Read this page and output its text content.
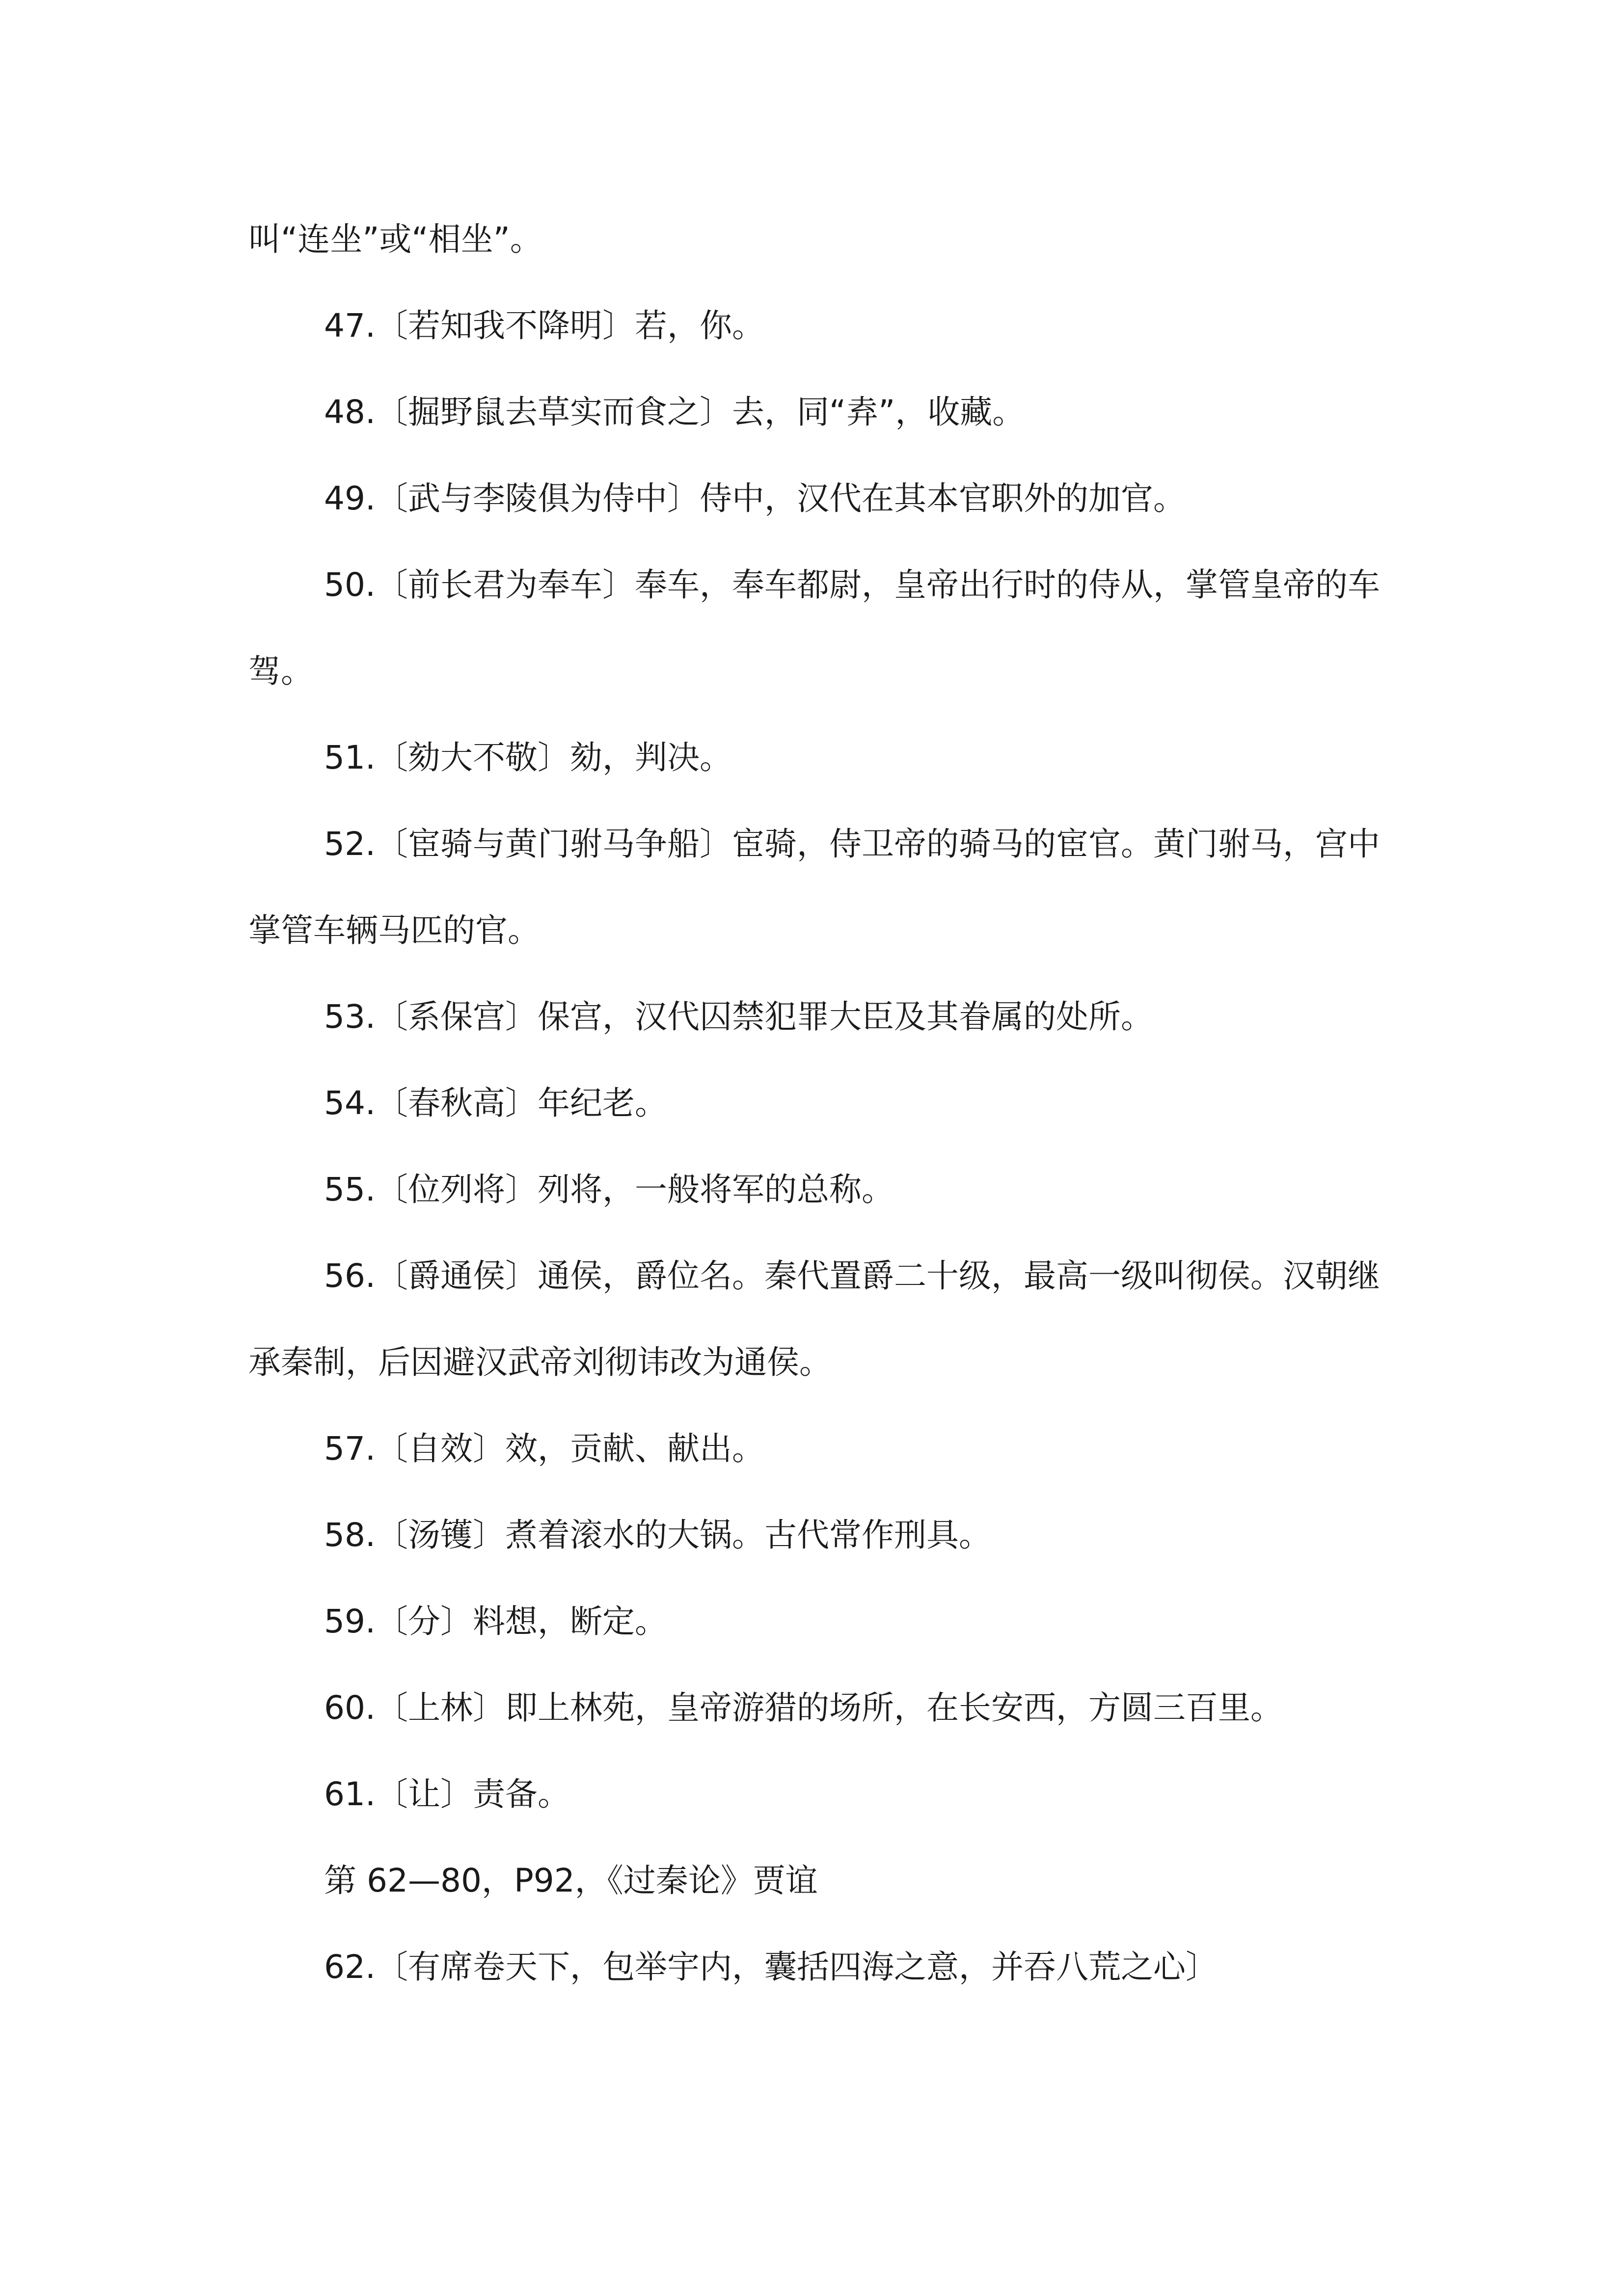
叫“连坐”或“相坐”。

47.〔若知我不降明〕若，你。

48.〔掘野鼠去草实而食之〕去，同“弆”，收藏。

49.〔武与李陵俱为侍中〕侍中，汉代在其本官职外的加官。

50.〔前长君为奉车〕奉车，奉车都尉，皇帝出行时的侍从，掌管皇帝的车驾。

51.〔劾大不敬〕劾，判决。

52.〔宦骑与黄门驸马争船〕宦骑，侍卫帝的骑马的宦官。黄门驸马，宫中掌管车辆马匹的官。

53.〔系保宫〕保宫，汉代囚禁犯罪大臣及其眷属的处所。

54.〔春秋高〕年纪老。

55.〔位列将〕列将，一般将军的总称。

56.〔爵通侯〕通侯，爵位名。秦代置爵二十级，最高一级叫彻侯。汉朝继承秦制，后因避汉武帝刘彻讳改为通侯。

57.〔自效〕效，贡献、献出。

58.〔汤镬〕煮着滚水的大锅。古代常作刑具。

59.〔分〕料想，断定。

60.〔上林〕即上林苑，皇帝游猎的场所，在长安西，方圆三百里。

61.〔让〕责备。

第 62—80，P92，《过秦论》贾谊

62.〔有席卷天下，包举宇内，囊括四海之意，并吞八荒之心〕
